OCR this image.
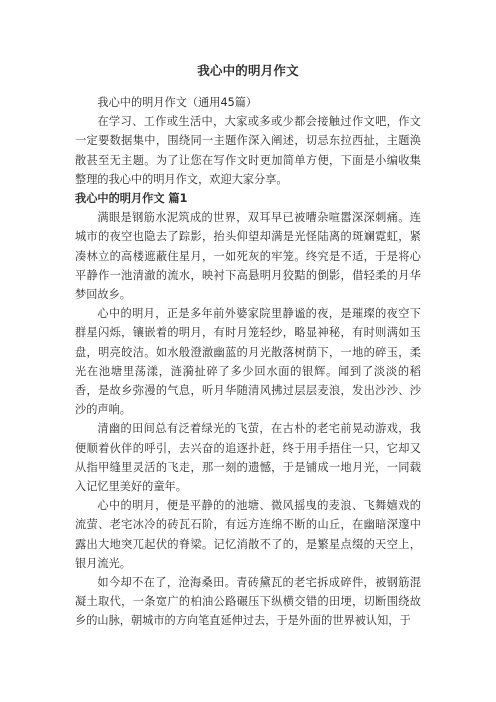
我心中的明月作文

我心中的明月作文（通用45篇）

在学习、工作或生活中，大家或多或少都会接触过作文吧，作文一定要数据集中，围绕同一主题作深入阐述，切忌东拉西扯，主题涣散甚至无主题。为了让您在写作文时更加简单方便，下面是小编收集整理的我心中的明月作文，欢迎大家分享。

我心中的明月作文 篇1

满眼是钢筋水泥筑成的世界，双耳早已被嘈杂喧嚣深深刺痛。连城市的夜空也隐去了踪影，抬头仰望却满是光怪陆离的斑斓霓虹，紧凑林立的高楼遮蔽住星月，一如死灰的牢笼。终究是不适，于是将心平静作一池清澈的流水，映衬下高悬明月狡黠的倒影，借轻柔的月华梦回故乡。

心中的明月，正是多年前外婆家院里静谧的夜，是璀璨的夜空下群星闪烁，镶嵌着的明月，有时月笼轻纱，略显神秘，有时则满如玉盘，明亮皎洁。如水般澄澈幽蓝的月光散落树荫下，一地的碎玉，柔光在池塘里荡漾，涟漪扯碎了多少回水面的银辉。闻到了淡淡的稻香，是故乡弥漫的气息，听月华随清风拂过层层麦浪，发出沙沙、沙沙的声响。

清幽的田间总有泛着绿光的飞萤，在古朴的老宅前晃动游戏，我便顺着伙伴的呼引，去兴奋的追逐扑赶，终于用手捂住一只，它却又从指甲缝里灵活的飞走，那一刻的遗憾，于是铺成一地月光，一同载入记忆里美好的童年。

心中的明月，便是平静的的池塘、微风摇曳的麦浪、飞舞嬉戏的流萤、老宅冰冷的砖瓦石阶，有远方连绵不断的山丘，在幽暗深邃中露出大地突兀起伏的脊梁。记忆消散不了的，是繁星点缀的天空上，银月流光。

如今却不在了，沧海桑田。青砖黛瓦的老宅拆成碎件，被钢筋混凝土取代，一条宽广的柏油公路碾压下纵横交错的田埂，切断围绕故乡的山脉，朝城市的方向笔直延伸过去，于是外面的世界被认知，于
